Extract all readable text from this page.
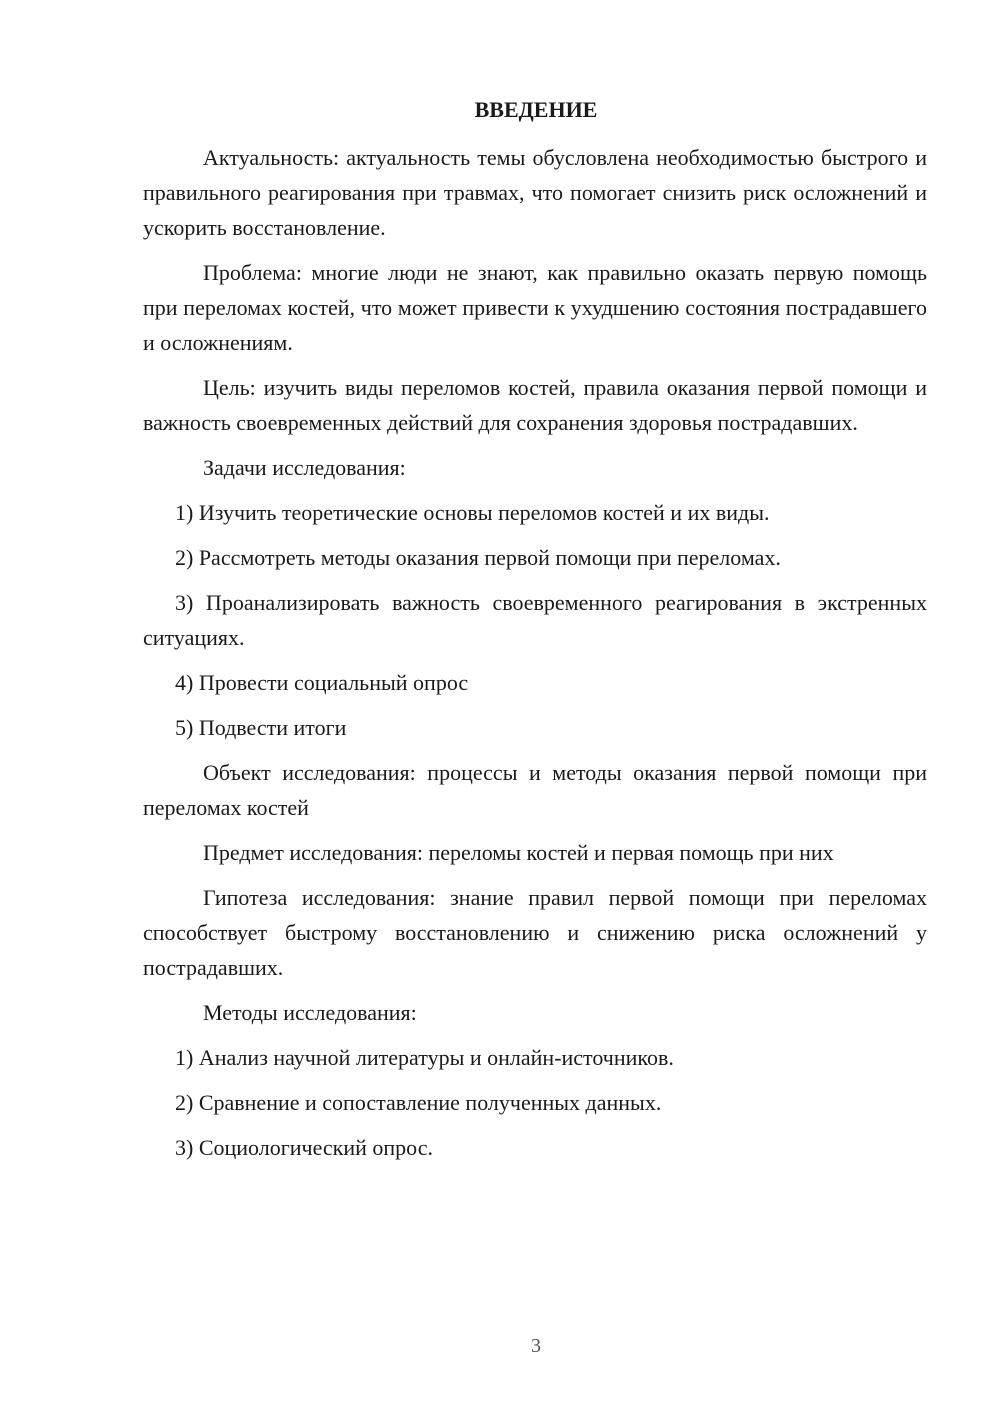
ВВЕДЕНИЕ

Актуальность: актуальность темы обусловлена необходимостью быстрого и правильного реагирования при травмах, что помогает снизить риск осложнений и ускорить восстановление.

Проблема: многие люди не знают, как правильно оказать первую помощь при переломах костей, что может привести к ухудшению состояния пострадавшего и осложнениям.

Цель: изучить виды переломов костей, правила оказания первой помощи и важность своевременных действий для сохранения здоровья пострадавших.

Задачи исследования:

1) Изучить теоретические основы переломов костей и их виды.

2) Рассмотреть методы оказания первой помощи при переломах.

3) Проанализировать важность своевременного реагирования в экстренных ситуациях.

4) Провести социальный опрос

5) Подвести итоги

Объект исследования: процессы и методы оказания первой помощи при переломах костей

Предмет исследования: переломы костей и первая помощь при них

Гипотеза исследования: знание правил первой помощи при переломах способствует быстрому восстановлению и снижению риска осложнений у пострадавших.

Методы исследования:

1) Анализ научной литературы и онлайн-источников.

2) Сравнение и сопоставление полученных данных.

3) Социологический опрос.

3
